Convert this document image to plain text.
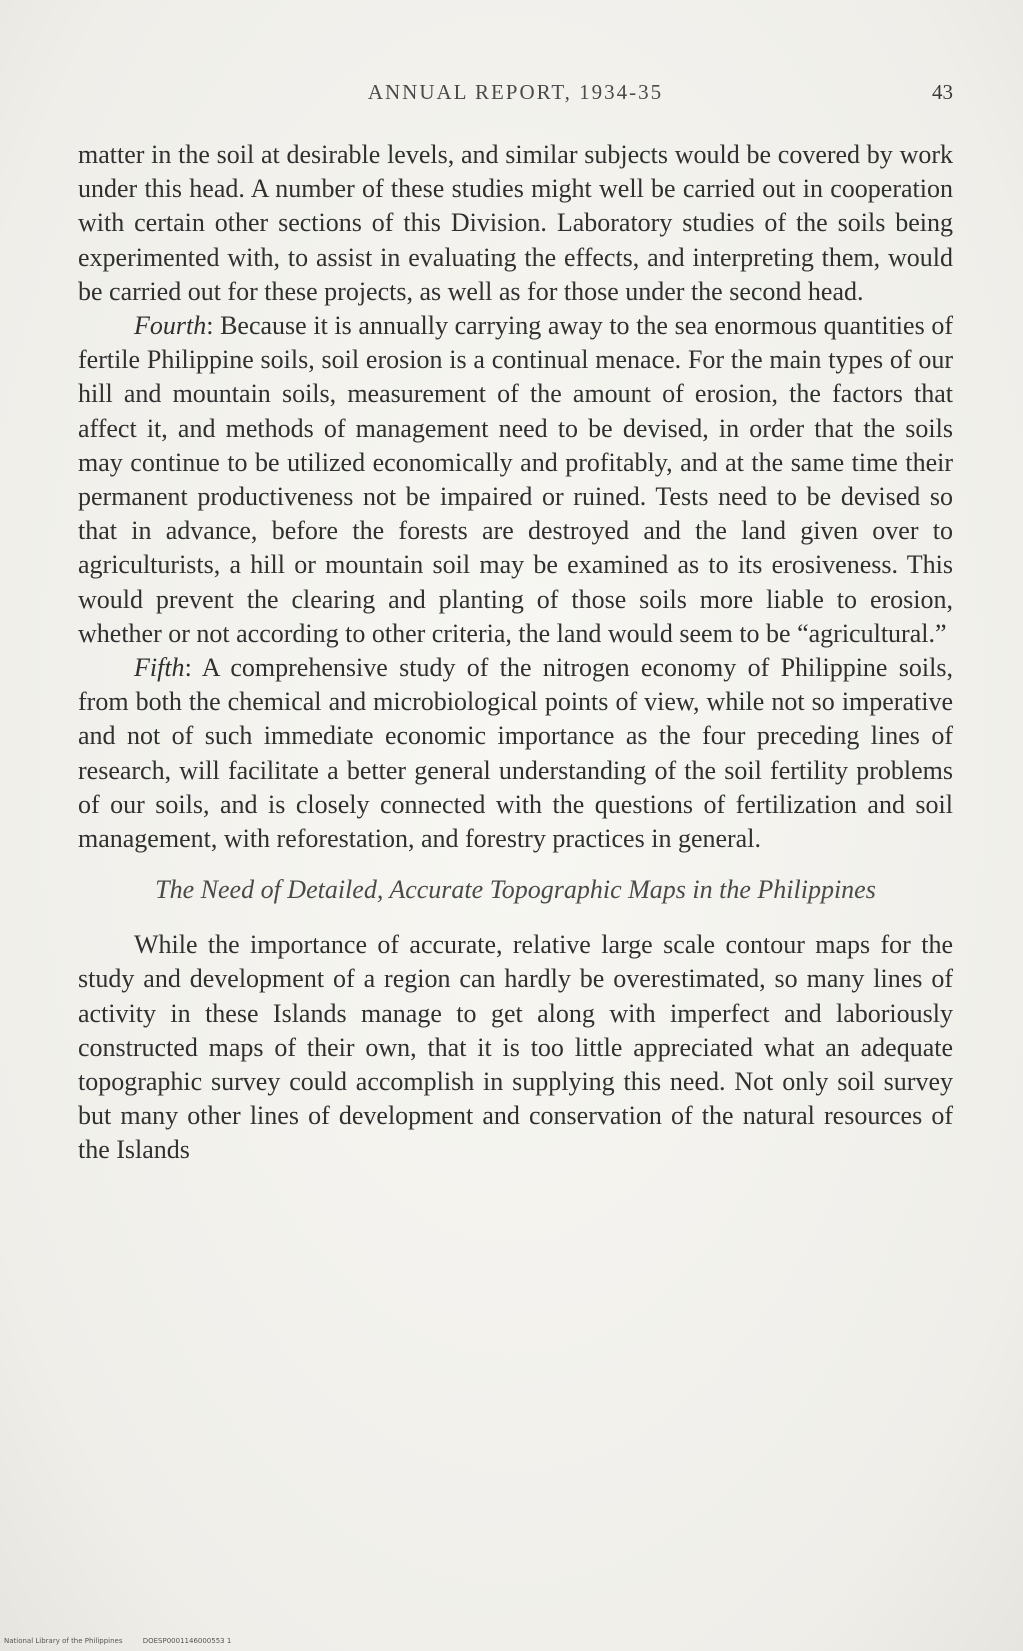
ANNUAL REPORT, 1934-35	43

matter in the soil at desirable levels, and similar subjects would be covered by work under this head. A number of these studies might well be carried out in cooperation with certain other sections of this Division. Laboratory studies of the soils being experimented with, to assist in evaluating the effects, and interpreting them, would be carried out for these projects, as well as for those under the second head.

Fourth: Because it is annually carrying away to the sea enormous quantities of fertile Philippine soils, soil erosion is a continual menace. For the main types of our hill and mountain soils, measurement of the amount of erosion, the factors that affect it, and methods of management need to be devised, in order that the soils may continue to be utilized economically and profitably, and at the same time their permanent productiveness not be impaired or ruined. Tests need to be devised so that in advance, before the forests are destroyed and the land given over to agriculturists, a hill or mountain soil may be examined as to its erosiveness. This would prevent the clearing and planting of those soils more liable to erosion, whether or not according to other criteria, the land would seem to be “agricultural.”

Fifth: A comprehensive study of the nitrogen economy of Philippine soils, from both the chemical and microbiological points of view, while not so imperative and not of such immediate economic importance as the four preceding lines of research, will facilitate a better general understanding of the soil fertility problems of our soils, and is closely connected with the questions of fertilization and soil management, with reforestation, and forestry practices in general.

The Need of Detailed, Accurate Topographic Maps in the Philippines

While the importance of accurate, relative large scale contour maps for the study and development of a region can hardly be overestimated, so many lines of activity in these Islands manage to get along with imperfect and laboriously constructed maps of their own, that it is too little appreciated what an adequate topographic survey could accomplish in supplying this need. Not only soil survey but many other lines of development and conservation of the natural resources of the Islands

National Library of the Philippines	DOESP0001146000553 1
